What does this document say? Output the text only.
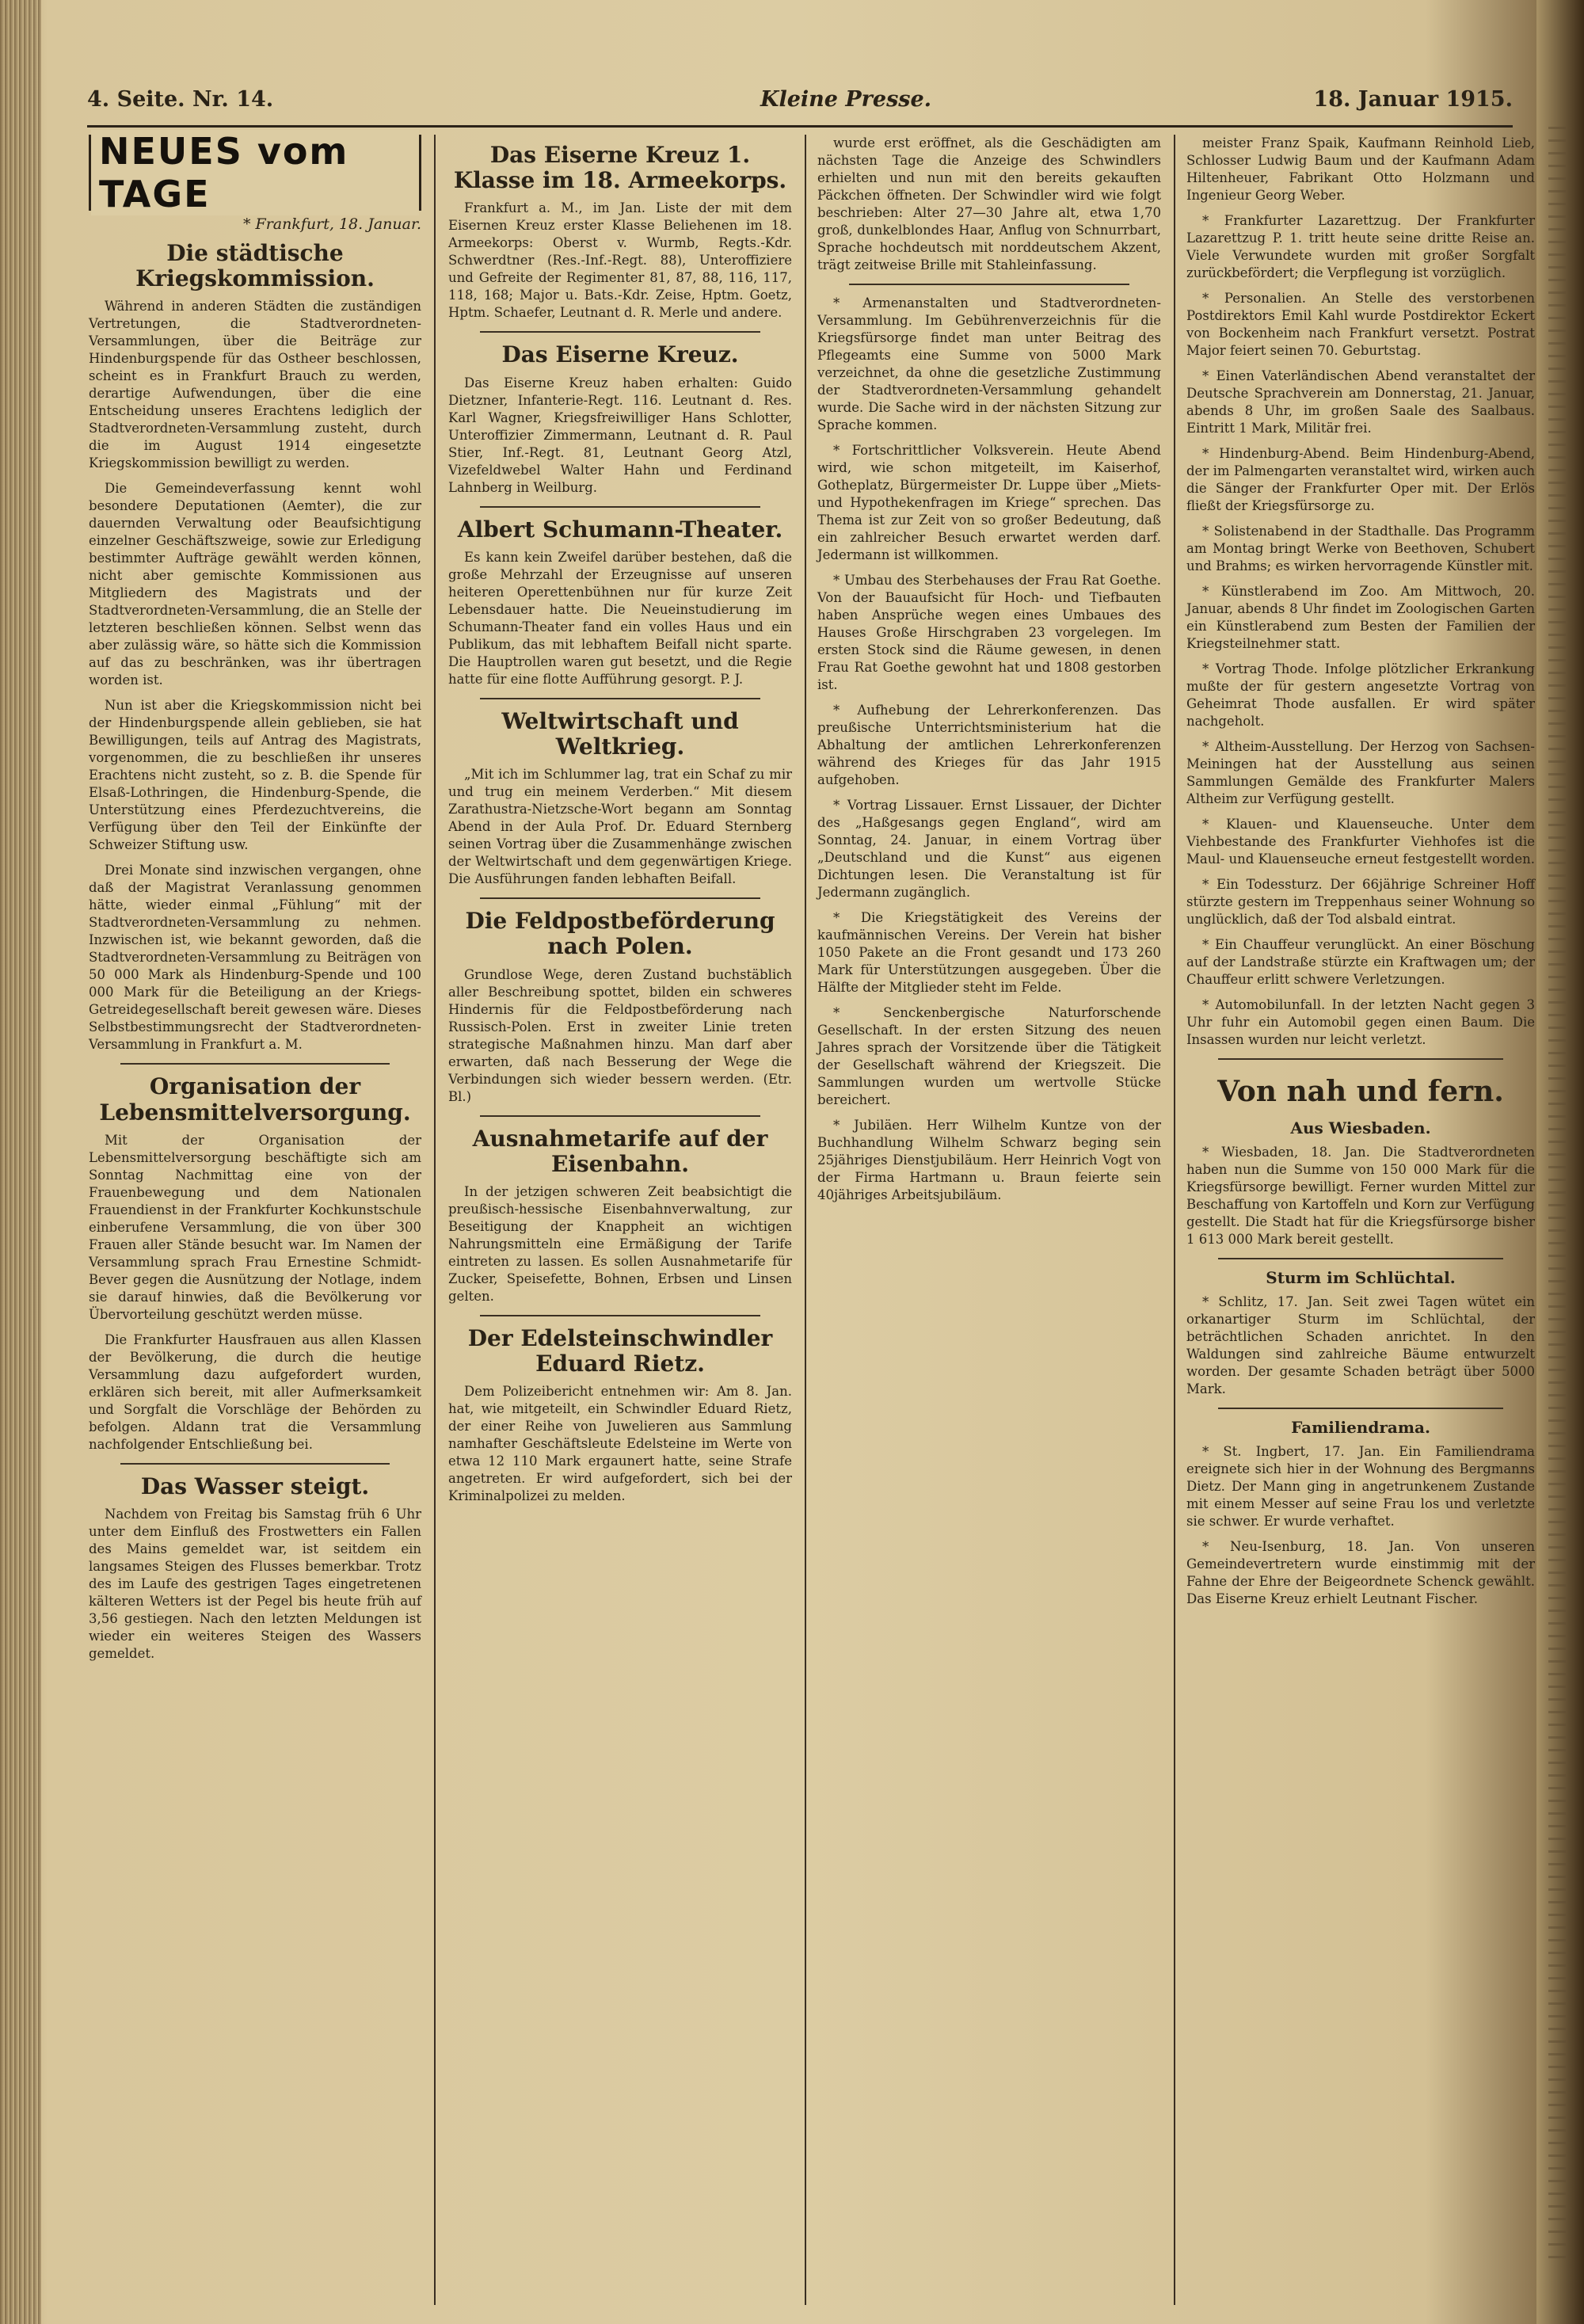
4. Seite. Nr. 14.	Kleine Presse.	18. Januar 1915.
NEUES vom TAGE
* Frankfurt, 18. Januar.
Die städtische Kriegskommission.

Während in anderen Städten die zuständigen Vertretungen, die Stadtverordneten-Versammlungen, über die Beiträge zur Hindenburgspende für das Ostheer beschlossen, scheint es in Frankfurt Brauch zu werden, derartige Aufwendungen, über die eine Entscheidung unseres Erachtens lediglich der Stadtverordneten-Versammlung zusteht, durch die im August 1914 eingesetzte Kriegskommission bewilligt zu werden.

Die Gemeindeverfassung kennt wohl besondere Deputationen (Aemter), die zur dauernden Verwaltung oder Beaufsichtigung einzelner Geschäftszweige, sowie zur Erledigung bestimmter Aufträge gewählt werden können, nicht aber gemischte Kommissionen aus Mitgliedern des Magistrats und der Stadtverordneten-Versammlung, die an Stelle der letzteren beschließen können. Selbst wenn das aber zulässig wäre, so hätte sich die Kommission auf das zu beschränken, was ihr übertragen worden ist.

Nun ist aber die Kriegskommission nicht bei der Hindenburgspende allein geblieben, sie hat Bewilligungen, teils auf Antrag des Magistrats, vorgenommen, die zu beschließen ihr unseres Erachtens nicht zusteht, so z. B. die Spende für Elsaß-Lothringen, die Hindenburg-Spende, die Unterstützung eines Pferdezuchtvereins, die Verfügung über den Teil der Einkünfte der Schweizer Stiftung usw.

Drei Monate sind inzwischen vergangen, ohne daß der Magistrat Veranlassung genommen hätte, wieder einmal „Fühlung“ mit der Stadtverordneten-Versammlung zu nehmen. Inzwischen ist, wie bekannt geworden, daß die Stadtverordneten-Versammlung zu Beiträgen von 50 000 Mark als Hindenburg-Spende und 100 000 Mark für die Beteiligung an der Kriegs-Getreidegesellschaft bereit gewesen wäre. Dieses Selbstbestimmungsrecht der Stadtverordneten-Versammlung in Frankfurt a. M.

Organisation der Lebensmittelversorgung.

Mit der Organisation der Lebensmittelversorgung beschäftigte sich am Sonntag Nachmittag eine von der Frauenbewegung und dem Nationalen Frauendienst in der Frankfurter Kochkunstschule einberufene Versammlung, die von über 300 Frauen aller Stände besucht war. Im Namen der Versammlung sprach Frau Ernestine Schmidt-Bever gegen die Ausnützung der Notlage, indem sie darauf hinwies, daß die Bevölkerung vor Übervorteilung geschützt werden müsse.

Die Frankfurter Hausfrauen aus allen Klassen der Bevölkerung, die durch die heutige Versammlung dazu aufgefordert wurden, erklären sich bereit, mit aller Aufmerksamkeit und Sorgfalt die Vorschläge der Behörden zu befolgen. Aldann trat die Versammlung nachfolgender Entschließung bei.

Das Wasser steigt.

Nachdem von Freitag bis Samstag früh 6 Uhr unter dem Einfluß des Frostwetters ein Fallen des Mains gemeldet war, ist seitdem ein langsames Steigen des Flusses bemerkbar. Trotz des im Laufe des gestrigen Tages eingetretenen kälteren Wetters ist der Pegel bis heute früh auf 3,56 gestiegen. Nach den letzten Meldungen ist wieder ein weiteres Steigen des Wassers gemeldet.

Das Eiserne Kreuz 1. Klasse im 18. Armeekorps.

Frankfurt a. M., im Jan. Liste der mit dem Eisernen Kreuz erster Klasse Beliehenen im 18. Armeekorps: Oberst v. Wurmb, Regts.-Kdr. Schwerdtner (Res.-Inf.-Regt. 88), Unteroffiziere und Gefreite der Regimenter 81, 87, 88, 116, 117, 118, 168; Major u. Bats.-Kdr. Zeise, Hptm. Goetz, Hptm. Schaefer, Leutnant d. R. Merle und andere.

Das Eiserne Kreuz.

Das Eiserne Kreuz haben erhalten: Guido Dietzner, Infanterie-Regt. 116. Leutnant d. Res. Karl Wagner, Kriegsfreiwilliger Hans Schlotter, Unteroffizier Zimmermann, Leutnant d. R. Paul Stier, Inf.-Regt. 81, Leutnant Georg Atzl, Vizefeldwebel Walter Hahn und Ferdinand Lahnberg in Weilburg.

Albert Schumann-Theater.

Es kann kein Zweifel darüber bestehen, daß die große Mehrzahl der Erzeugnisse auf unseren heiteren Operettenbühnen nur für kurze Zeit Lebensdauer hatte. Die Neueinstudierung im Schumann-Theater fand ein volles Haus und ein Publikum, das mit lebhaftem Beifall nicht sparte. Die Hauptrollen waren gut besetzt, und die Regie hatte für eine flotte Aufführung gesorgt. P. J.

Weltwirtschaft und Weltkrieg.

„Mit ich im Schlummer lag, trat ein Schaf zu mir und trug ein meinem Verderben.“ Mit diesem Zarathustra-Nietzsche-Wort begann am Sonntag Abend in der Aula Prof. Dr. Eduard Sternberg seinen Vortrag über die Zusammenhänge zwischen der Weltwirtschaft und dem gegenwärtigen Kriege. Die Ausführungen fanden lebhaften Beifall.

Die Feldpostbeförderung nach Polen.

Grundlose Wege, deren Zustand buchstäblich aller Beschreibung spottet, bilden ein schweres Hindernis für die Feldpostbeförderung nach Russisch-Polen. Erst in zweiter Linie treten strategische Maßnahmen hinzu. Man darf aber erwarten, daß nach Besserung der Wege die Verbindungen sich wieder bessern werden. (Etr. Bl.)

Ausnahmetarife auf der Eisenbahn.

In der jetzigen schweren Zeit beabsichtigt die preußisch-hessische Eisenbahnverwaltung, zur Beseitigung der Knappheit an wichtigen Nahrungsmitteln eine Ermäßigung der Tarife eintreten zu lassen. Es sollen Ausnahmetarife für Zucker, Speisefette, Bohnen, Erbsen und Linsen gelten.

Der Edelsteinschwindler Eduard Rietz.

Dem Polizeibericht entnehmen wir: Am 8. Jan. hat, wie mitgeteilt, ein Schwindler Eduard Rietz, der einer Reihe von Juwelieren aus Sammlung namhafter Geschäftsleute Edelsteine im Werte von etwa 12 110 Mark ergaunert hatte, seine Strafe angetreten. Er wird aufgefordert, sich bei der Kriminalpolizei zu melden.

wurde erst eröffnet, als die Geschädigten am nächsten Tage die Anzeige des Schwindlers erhielten und nun mit den bereits gekauften Päckchen öffneten. Der Schwindler wird wie folgt beschrieben: Alter 27—30 Jahre alt, etwa 1,70 groß, dunkelblondes Haar, Anflug von Schnurrbart, Sprache hochdeutsch mit norddeutschem Akzent, trägt zeitweise Brille mit Stahleinfassung.

* Armenanstalten und Stadtverordneten-Versammlung. Im Gebührenverzeichnis für die Kriegsfürsorge findet man unter Beitrag des Pflegeamts eine Summe von 5000 Mark verzeichnet, da ohne die gesetzliche Zustimmung der Stadtverordneten-Versammlung gehandelt wurde. Die Sache wird in der nächsten Sitzung zur Sprache kommen.

* Fortschrittlicher Volksverein. Heute Abend wird, wie schon mitgeteilt, im Kaiserhof, Gotheplatz, Bürgermeister Dr. Luppe über „Miets- und Hypothekenfragen im Kriege“ sprechen. Das Thema ist zur Zeit von so großer Bedeutung, daß ein zahlreicher Besuch erwartet werden darf. Jedermann ist willkommen.

* Umbau des Sterbehauses der Frau Rat Goethe. Von der Bauaufsicht für Hoch- und Tiefbauten haben Ansprüche wegen eines Umbaues des Hauses Große Hirschgraben 23 vorgelegen. Im ersten Stock sind die Räume gewesen, in denen Frau Rat Goethe gewohnt hat und 1808 gestorben ist.

* Aufhebung der Lehrerkonferenzen. Das preußische Unterrichtsministerium hat die Abhaltung der amtlichen Lehrerkonferenzen während des Krieges für das Jahr 1915 aufgehoben.

* Vortrag Lissauer. Ernst Lissauer, der Dichter des „Haßgesangs gegen England“, wird am Sonntag, 24. Januar, in einem Vortrag über „Deutschland und die Kunst“ aus eigenen Dichtungen lesen. Die Veranstaltung ist für Jedermann zugänglich.

* Die Kriegstätigkeit des Vereins der kaufmännischen Vereins. Der Verein hat bisher 1050 Pakete an die Front gesandt und 173 260 Mark für Unterstützungen ausgegeben. Über die Hälfte der Mitglieder steht im Felde.

* Senckenbergische Naturforschende Gesellschaft. In der ersten Sitzung des neuen Jahres sprach der Vorsitzende über die Tätigkeit der Gesellschaft während der Kriegszeit. Die Sammlungen wurden um wertvolle Stücke bereichert.

* Jubiläen. Herr Wilhelm Kuntze von der Buchhandlung Wilhelm Schwarz beging sein 25jähriges Dienstjubiläum. Herr Heinrich Vogt von der Firma Hartmann u. Braun feierte sein 40jähriges Arbeitsjubiläum.

meister Franz Spaik, Kaufmann Reinhold Lieb, Schlosser Ludwig Baum und der Kaufmann Adam Hiltenheuer, Fabrikant Otto Holzmann und Ingenieur Georg Weber.

* Frankfurter Lazarettzug. Der Frankfurter Lazarettzug P. 1. tritt heute seine dritte Reise an. Viele Verwundete wurden mit großer Sorgfalt zurückbefördert; die Verpflegung ist vorzüglich.

* Personalien. An Stelle des verstorbenen Postdirektors Emil Kahl wurde Postdirektor Eckert von Bockenheim nach Frankfurt versetzt. Postrat Major feiert seinen 70. Geburtstag.

* Einen Vaterländischen Abend veranstaltet der Deutsche Sprachverein am Donnerstag, 21. Januar, abends 8 Uhr, im großen Saale des Saalbaus. Eintritt 1 Mark, Militär frei.

* Hindenburg-Abend. Beim Hindenburg-Abend, der im Palmengarten veranstaltet wird, wirken auch die Sänger der Frankfurter Oper mit. Der Erlös fließt der Kriegsfürsorge zu.

* Solistenabend in der Stadthalle. Das Programm am Montag bringt Werke von Beethoven, Schubert und Brahms; es wirken hervorragende Künstler mit.

* Künstlerabend im Zoo. Am Mittwoch, 20. Januar, abends 8 Uhr findet im Zoologischen Garten ein Künstlerabend zum Besten der Familien der Kriegsteilnehmer statt.

* Vortrag Thode. Infolge plötzlicher Erkrankung mußte der für gestern angesetzte Vortrag von Geheimrat Thode ausfallen. Er wird später nachgeholt.

* Altheim-Ausstellung. Der Herzog von Sachsen-Meiningen hat der Ausstellung aus seinen Sammlungen Gemälde des Frankfurter Malers Altheim zur Verfügung gestellt.

* Klauen- und Klauenseuche. Unter dem Viehbestande des Frankfurter Viehhofes ist die Maul- und Klauenseuche erneut festgestellt worden.

* Ein Todessturz. Der 66jährige Schreiner Hoff stürzte gestern im Treppenhaus seiner Wohnung so unglücklich, daß der Tod alsbald eintrat.

* Ein Chauffeur verunglückt. An einer Böschung auf der Landstraße stürzte ein Kraftwagen um; der Chauffeur erlitt schwere Verletzungen.

* Automobilunfall. In der letzten Nacht gegen 3 Uhr fuhr ein Automobil gegen einen Baum. Die Insassen wurden nur leicht verletzt.

Von nah und fern.
Aus Wiesbaden.

* Wiesbaden, 18. Jan. Die Stadtverordneten haben nun die Summe von 150 000 Mark für die Kriegsfürsorge bewilligt. Ferner wurden Mittel zur Beschaffung von Kartoffeln und Korn zur Verfügung gestellt. Die Stadt hat für die Kriegsfürsorge bisher 1 613 000 Mark bereit gestellt.

Sturm im Schlüchtal.

* Schlitz, 17. Jan. Seit zwei Tagen wütet ein orkanartiger Sturm im Schlüchtal, der beträchtlichen Schaden anrichtet. In den Waldungen sind zahlreiche Bäume entwurzelt worden. Der gesamte Schaden beträgt über 5000 Mark.

Familiendrama.

* St. Ingbert, 17. Jan. Ein Familiendrama ereignete sich hier in der Wohnung des Bergmanns Dietz. Der Mann ging in angetrunkenem Zustande mit einem Messer auf seine Frau los und verletzte sie schwer. Er wurde verhaftet.

* Neu-Isenburg, 18. Jan. Von unseren Gemeindevertretern wurde einstimmig mit der Fahne der Ehre der Beigeordnete Schenck gewählt. Das Eiserne Kreuz erhielt Leutnant Fischer.
